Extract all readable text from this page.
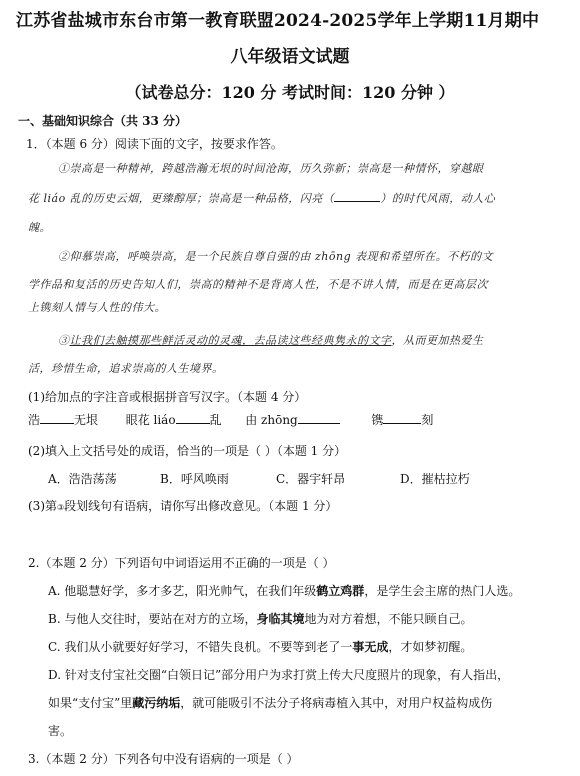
江苏省盐城市东台市第一教育联盟2024-2025学年上学期11月期中
八年级语文试题
（试卷总分：120 分 考试时间：120 分钟 ）
一、基础知识综合（共 33 分）
1．（本题 6 分）阅读下面的文字，按要求作答。
①崇高是一种精神，跨越浩瀚无垠的时间沧海，历久弥新；崇高是一种情怀，穿越眼
花 liáo 乱的历史云烟，更臻醇厚；崇高是一种品格，闪亮（	）的时代风雨，动人心
魄。
②仰慕崇高，呼唤崇高，是一个民族自尊自强的由 zhōng 表现和希望所在。不朽的文
学作品和复活的历史告知人们，崇高的精神不是背离人性，不是不讲人情，而是在更高层次
上镌刻人情与人性的伟大。
③让我们去触摸那些鲜活灵动的灵魂，去品读这些经典隽永的文字，从而更加热爱生
活，珍惜生命，追求崇高的人生境界。
(1)给加点的字注音或根据拼音写汉字。（本题 4 分）
浩	无垠 眼花 liáo	乱 由 zhōng	镌	刻
(2)填入上文括号处的成语，恰当的一项是（ ）（本题 1 分）
A．浩浩荡荡	B．呼风唤雨	C．器宇轩昂	D．摧枯拉朽
(3)第③段划线句有语病，请你写出修改意见。（本题 1 分）
2.（本题 2 分）下列语句中词语运用不正确的一项是（ ）
A. 他聪慧好学，多才多艺，阳光帅气，在我们年级鹤立鸡群，是学生会主席的热门人选。
B. 与他人交往时，要站在对方的立场，身临其境地为对方着想，不能只顾自己。
C. 我们从小就要好好学习，不错失良机。不要等到老了一事无成，才如梦初醒。
D. 针对支付宝社交圈“白领日记”部分用户为求打赏上传大尺度照片的现象，有人指出，
如果“支付宝”里藏污纳垢，就可能吸引不法分子将病毒植入其中，对用户权益构成伤
害。
3.（本题 2 分）下列各句中没有语病的一项是（ ）
